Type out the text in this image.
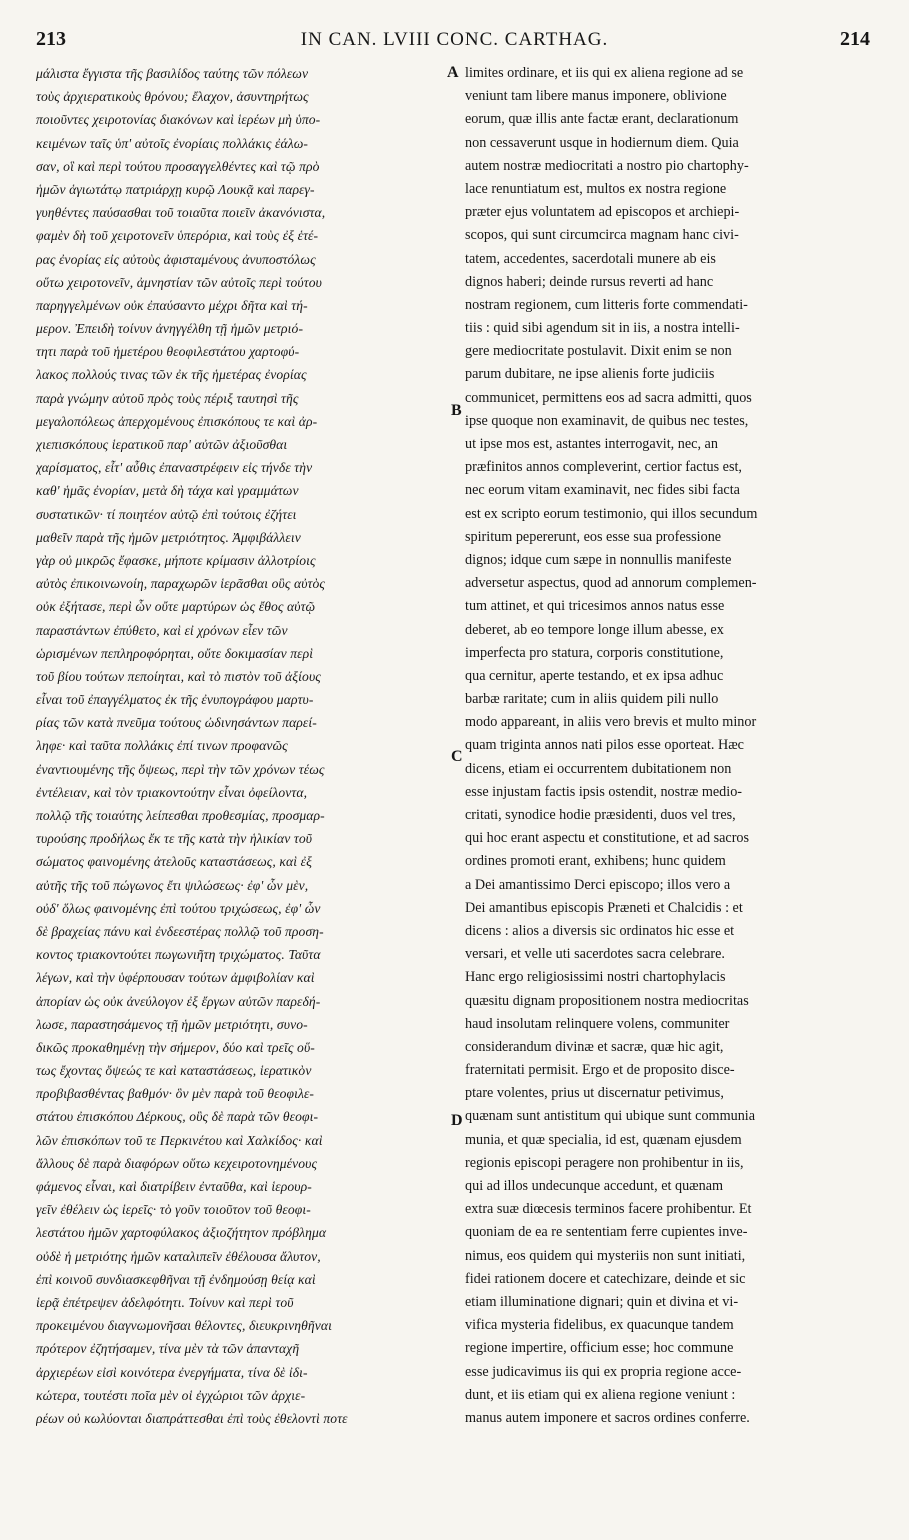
213	IN CAN. LVIII CONC. CARTHAG.	214
μάλιστα ἔγγιστα τῆς βασιλίδος ταύτης τῶν πόλεων
τοὺς ἀρχιερατικοὺς θρόνου; ἔλαχον, ἀσυντηρήτως
ποιοῦντες χειροτονίας διακόνων καὶ ἱερέων μὴ ὑπο-
κειμένων ταῖς ὑπ' αὐτοῖς ἐνορίαις πολλάκις ἐάλω-
σαν, οἳ καὶ περὶ τούτου προσαγγελθέντες καὶ τῷ πρὸ
ἡμῶν ἁγιωτάτῳ πατριάρχῃ κυρῷ Λουκᾷ καὶ παρεγ-
γυηθέντες παύσασθαι τοῦ τοιαῦτα ποιεῖν ἀκανόνιστα,
φαμὲν δὴ τοῦ χειροτονεῖν ὑπερόρια, καὶ τοὺς ἐξ ἑτέ-
ρας ἐνορίας εἰς αὐτοὺς ἀφισταμένους ἀνυποστόλως
οὕτω χειροτονεῖν, ἀμνηστίαν τῶν αὐτοῖς περὶ τούτου
παρηγγελμένων οὐκ ἐπαύσαντο μέχρι δῆτα καὶ τή-
μερον. Ἐπειδὴ τοίνυν ἀνηγγέλθη τῇ ἡμῶν μετριό-
τητι παρὰ τοῦ ἡμετέρου θεοφιλεστάτου χαρτοφύ-
λακος πολλούς τινας τῶν ἐκ τῆς ἡμετέρας ἐνορίας
παρὰ γνώμην αὐτοῦ πρὸς τοὺς πέριξ ταυτησὶ τῆς
μεγαλοπόλεως ἀπερχομένους ἐπισκόπους τε καὶ ἀρ-
χιεπισκόπους ἱερατικοῦ παρ' αὐτῶν ἀξιοῦσθαι
χαρίσματος, εἶτ' αὖθις ἐπαναστρέφειν εἰς τήνδε τὴν
καθ' ἡμᾶς ἐνορίαν, μετὰ δὴ τάχα καὶ γραμμάτων
συστατικῶν· τί ποιητέον αὐτῷ ἐπὶ τούτοις ἐζήτει
μαθεῖν παρὰ τῆς ἡμῶν μετριότητος. Ἀμφιβάλλειν
γὰρ οὐ μικρῶς ἔφασκε, μήποτε κρίμασιν ἀλλοτρίοις
αὐτὸς ἐπικοινωνοίη, παραχωρῶν ἱερᾶσθαι οὓς αὐτὸς
οὐκ ἐξήτασε, περὶ ὧν οὔτε μαρτύρων ὡς ἔθος αὐτῷ
παραστάντων ἐπύθετο, καὶ εἰ χρόνων εἶεν τῶν
ὡρισμένων πεπληροφόρηται, οὔτε δοκιμασίαν περὶ
τοῦ βίου τούτων πεποίηται, καὶ τὸ πιστὸν τοῦ ἀξίους
εἶναι τοῦ ἐπαγγέλματος ἐκ τῆς ἐνυπογράφου μαρτυ-
ρίας τῶν κατὰ πνεῦμα τούτους ὠδινησάντων παρεί-
ληφε· καὶ ταῦτα πολλάκις ἐπί τινων προφανῶς
ἐναντιουμένης τῆς ὄψεως, περὶ τὴν τῶν χρόνων τέως
ἐντέλειαν, καὶ τὸν τριακοντούτην εἶναι ὀφείλοντα,
πολλῷ τῆς τοιαύτης λείπεσθαι προθεσμίας, προσμαρ-
τυρούσης προδήλως ἔκ τε τῆς κατὰ τὴν ἡλικίαν τοῦ
σώματος φαινομένης ἀτελοῦς καταστάσεως, καὶ ἐξ
αὐτῆς τῆς τοῦ πώγωνος ἔτι ψιλώσεως· ἐφ' ὧν μὲν,
οὐδ' ὅλως φαινομένης ἐπὶ τούτου τριχώσεως, ἐφ' ὧν
δὲ βραχείας πάνυ καὶ ἐνδεεστέρας πολλῷ τοῦ προση-
κοντος τριακοντούτει πωγωνιῆτη τριχώματος. Ταῦτα
λέγων, καὶ τὴν ὑφέρπουσαν τούτων ἀμφιβολίαν καὶ
ἀπορίαν ὡς οὐκ ἀνεύλογον ἐξ ἔργων αὐτῶν παρεδή-
λωσε, παραστησάμενος τῇ ἡμῶν μετριότητι, συνο-
δικῶς προκαθημένῃ τὴν σήμερον, δύο καὶ τρεῖς οὕ-
τως ἔχοντας ὄψεώς τε καὶ καταστάσεως, ἱερατικὸν
προβιβασθέντας βαθμόν· ὃν μὲν παρὰ τοῦ θεοφιλε-
στάτου ἐπισκόπου Δέρκους, οὓς δὲ παρὰ τῶν θεοφι-
λῶν ἐπισκόπων τοῦ τε Περκινέτου καὶ Χαλκίδος· καὶ
ἄλλους δὲ παρὰ διαφόρων οὕτω κεχειροτονημένους
φάμενος εἶναι, καὶ διατρίβειν ἐνταῦθα, καὶ ἱερουρ-
γεῖν ἐθέλειν ὡς ἱερεῖς· τὸ γοῦν τοιοῦτον τοῦ θεοφι-
λεστάτου ἡμῶν χαρτοφύλακος ἀξιοζήτητον πρόβλημα
οὐδὲ ἡ μετριότης ἡμῶν καταλιπεῖν ἐθέλουσα ἄλυτον,
ἐπὶ κοινοῦ συνδιασκεφθῆναι τῇ ἐνδημούσῃ θείᾳ καὶ
ἱερᾷ ἐπέτρεψεν ἀδελφότητι. Τοίνυν καὶ περὶ τοῦ
προκειμένου διαγνωμονῆσαι θέλοντες, διευκρινηθῆναι
πρότερον ἐζητήσαμεν, τίνα μὲν τὰ τῶν ἁπανταχῆ
ἀρχιερέων εἰσὶ κοινότερα ἐνεργήματα, τίνα δὲ ἰδι-
κώτερα, τουτέστι ποῖα μὲν οἱ ἐγχώριοι τῶν ἀρχιε-
ρέων οὐ κωλύονται διαπράττεσθαι ἐπὶ τοὺς ἐθελοντὶ ποτε
limites ordinare, et iis qui ex aliena regione ad se
veniunt tam libere manus imponere, oblivione
eorum, quæ illis ante factæ erant, declarationum
non cessaverunt usque in hodiernum diem. Quia
autem nostræ mediocritati a nostro pio chartophy-
lace renuntiatum est, multos ex nostra regione
præter ejus voluntatem ad episcopos et archiepi-
scopos, qui sunt circumcirca magnam hanc civi-
tatem, accedentes, sacerdotali munere ab eis
dignos haberi; deinde rursus reverti ad hanc
nostram regionem, cum litteris forte commendati-
tiis : quid sibi agendum sit in iis, a nostra intelli-
gere mediocritate postulavit. Dixit enim se non
parum dubitare, ne ipse alienis forte judiciis
communicet, permittens eos ad sacra admitti, quos
ipse quoque non examinavit, de quibus nec testes,
ut ipse mos est, astantes interrogavit, nec, an
præfinitos annos compleverint, certior factus est,
nec eorum vitam examinavit, nec fides sibi facta
est ex scripto eorum testimonio, qui illos secundum
spiritum pepererunt, eos esse sua professione
dignos; idque cum sæpe in nonnullis manifeste
adversetur aspectus, quod ad annorum complemen-
tum attinet, et qui tricesimos annos natus esse
deberet, ab eo tempore longe illum abesse, ex
imperfecta pro statura, corporis constitutione,
qua cernitur, aperte testando, et ex ipsa adhuc
barbæ raritate; cum in aliis quidem pili nullo
modo appareant, in aliis vero brevis et multo minor
quam triginta annos nati pilos esse oporteat. Hæc
dicens, etiam ei occurrentem dubitationem non
esse injustam factis ipsis ostendit, nostræ medio-
critati, synodice hodie præsidenti, duos vel tres,
qui hoc erant aspectu et constitutione, et ad sacros
ordines promoti erant, exhibens; hunc quidem
a Dei amantissimo Derci episcopo; illos vero a
Dei amantibus episcopis Præneti et Chalcidis : et
dicens : alios a diversis sic ordinatos hic esse et
versari, et velle uti sacerdotes sacra celebrare.
Hanc ergo religiosissimi nostri chartophylacis
quæsitu dignam propositionem nostra mediocritas
haud insolutam relinquere volens, communiter
considerandum divinæ et sacræ, quæ hic agit,
fraternitati permisit. Ergo et de proposito disce-
ptare volentes, prius ut discernatur petivimus,
quænam sunt antistitum qui ubique sunt communia
munia, et quæ specialia, id est, quænam ejusdem
regionis episcopi peragere non prohibentur in iis,
qui ad illos undecunque accedunt, et quænam
extra suæ diœcesis terminos facere prohibentur. Et
quoniam de ea re sententiam ferre cupientes inve-
nimus, eos quidem qui mysteriis non sunt initiati,
fidei rationem docere et catechizare, deinde et sic
etiam illuminatione dignari; quin et divina et vi-
vifica mysteria fidelibus, ex quacunque tandem
regione impertire, officium esse; hoc commune
esse judicavimus iis qui ex propria regione acce-
dunt, et iis etiam qui ex aliena regione veniunt :
manus autem imponere et sacros ordines conferre.
A
B
C
D
